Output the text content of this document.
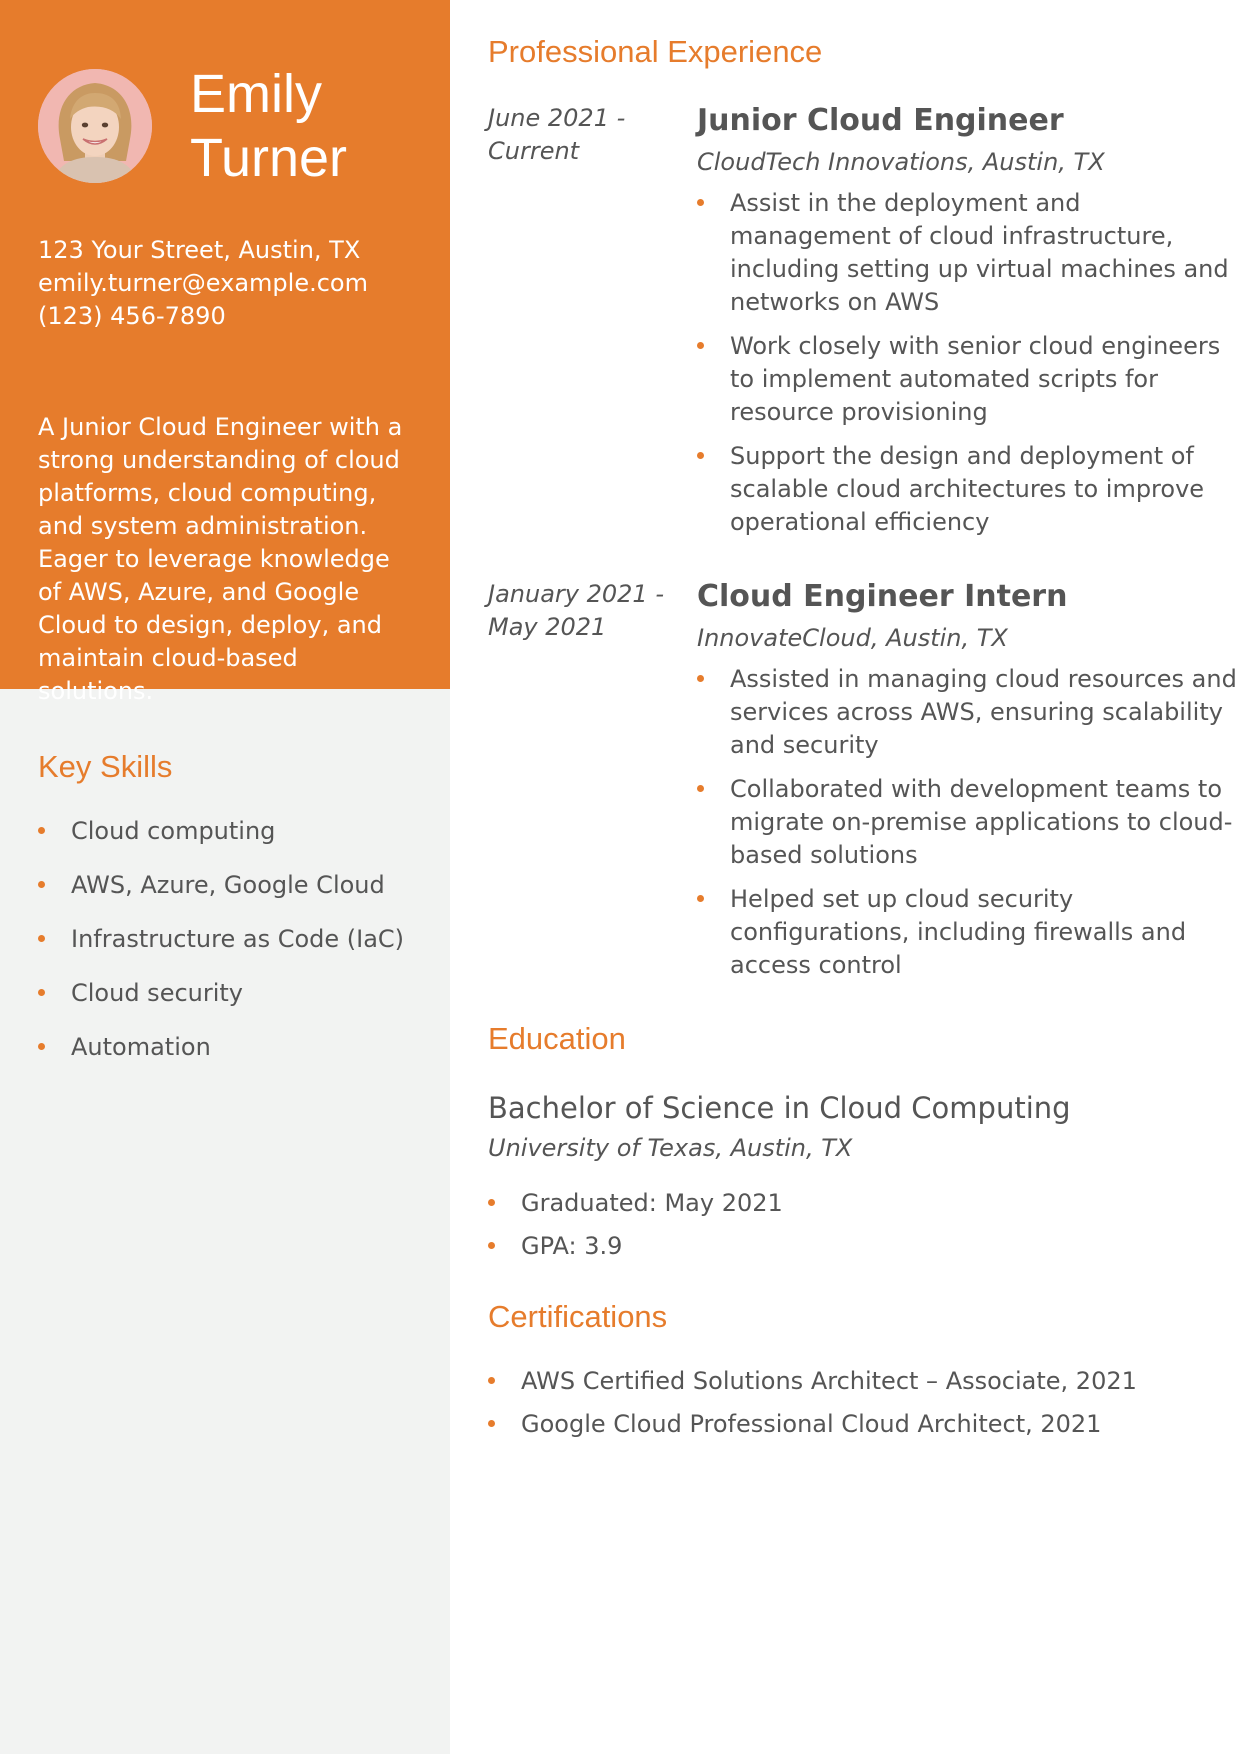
Emily
Turner
123 Your Street, Austin, TX
emily.turner@example.com
(123) 456-7890
A Junior Cloud Engineer with a strong understanding of cloud platforms, cloud computing, and system administration. Eager to leverage knowledge of AWS, Azure, and Google Cloud to design, deploy, and maintain cloud-based solutions.
Key Skills
Cloud computing
AWS, Azure, Google Cloud
Infrastructure as Code (IaC)
Cloud security
Automation
Professional Experience
June 2021 -
Current
Junior Cloud Engineer
CloudTech Innovations, Austin, TX
Assist in the deployment and management of cloud infrastructure, including setting up virtual machines and networks on AWS
Work closely with senior cloud engineers to implement automated scripts for resource provisioning
Support the design and deployment of scalable cloud architectures to improve operational efficiency
January 2021 -
May 2021
Cloud Engineer Intern
InnovateCloud, Austin, TX
Assisted in managing cloud resources and services across AWS, ensuring scalability and security
Collaborated with development teams to migrate on-premise applications to cloud-based solutions
Helped set up cloud security configurations, including firewalls and access control
Education
Bachelor of Science in Cloud Computing
University of Texas, Austin, TX
Graduated: May 2021
GPA: 3.9
Certifications
AWS Certified Solutions Architect – Associate, 2021
Google Cloud Professional Cloud Architect, 2021
